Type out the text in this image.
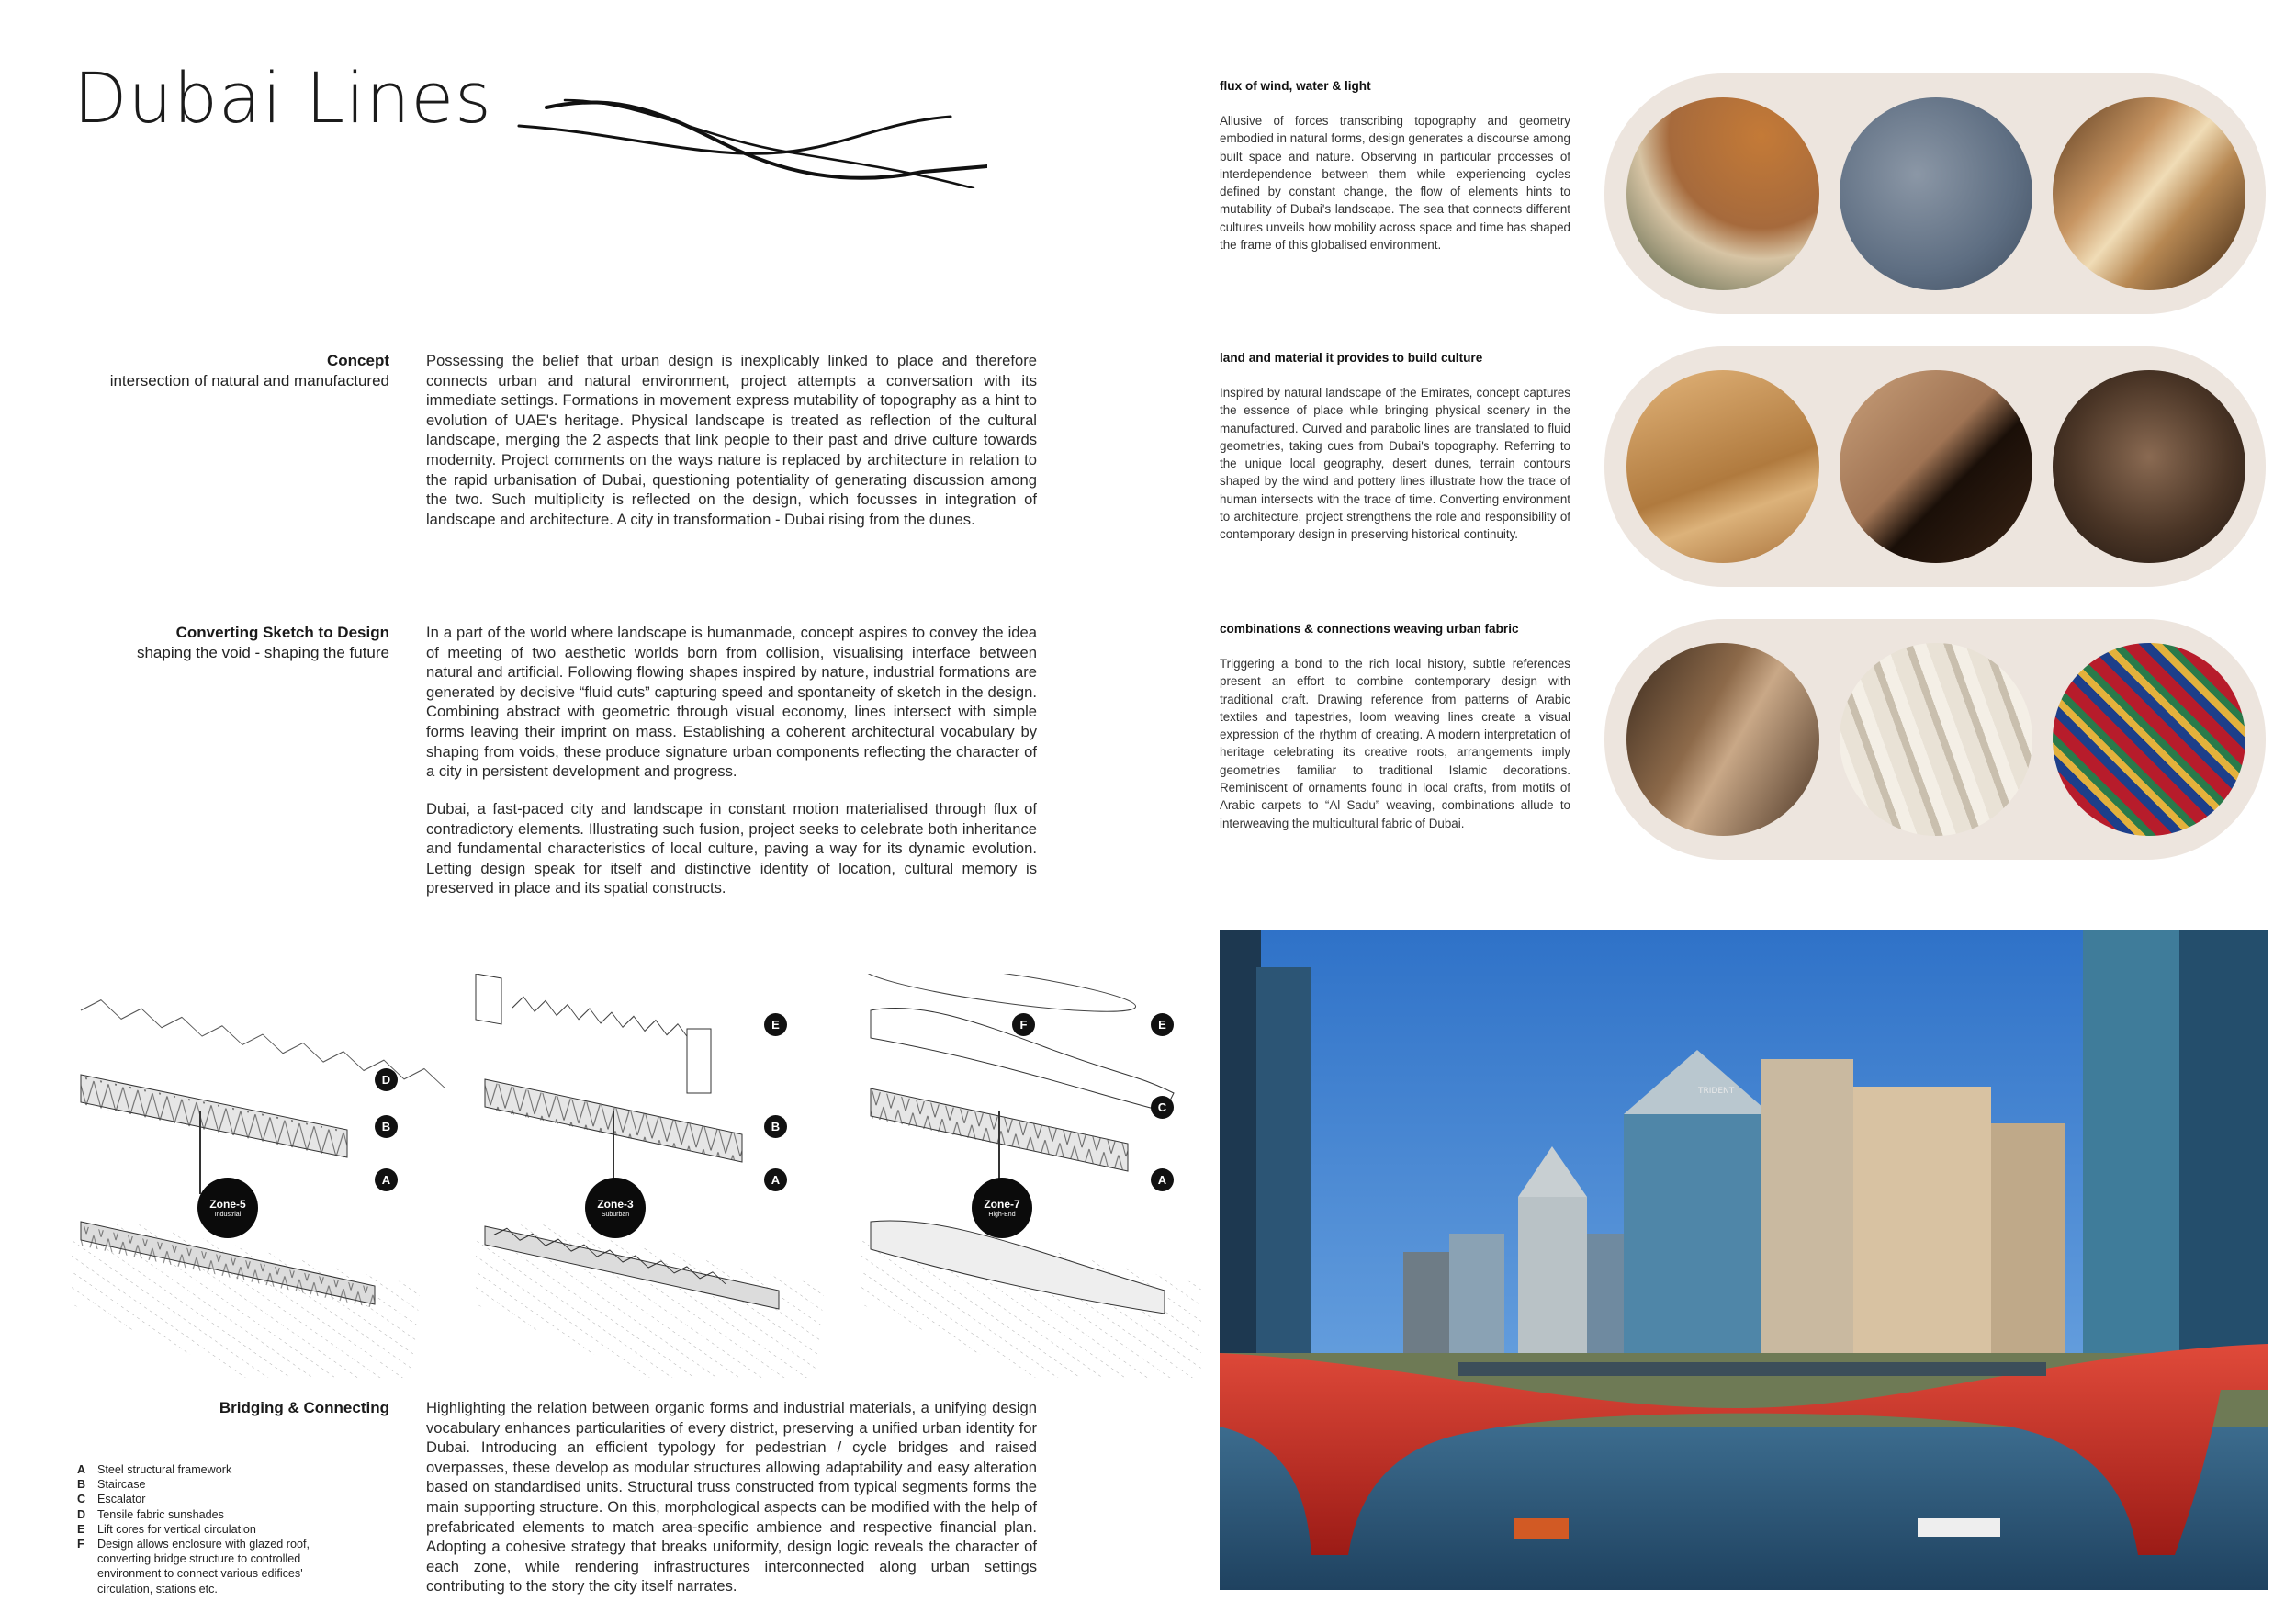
Dubai Lines
Concept
intersection of natural and manufactured
Possessing the belief that urban design is inexplicably linked to place and therefore connects urban and natural environment, project attempts a conversation with its immediate settings. Formations in movement express mutability of topography as a hint to evolution of UAE's heritage. Physical landscape is treated as reflection of the cultural landscape, merging the 2 aspects that link people to their past and drive culture towards modernity. Project comments on the ways nature is replaced by architecture in relation to the rapid urbanisation of Dubai, questioning potentiality of generating discussion among the two. Such multiplicity is reflected on the design, which focusses in integration of landscape and architecture. A city in transformation - Dubai rising from the dunes.
Converting Sketch to Design
shaping the void - shaping the future
In a part of the world where landscape is humanmade, concept aspires to convey the idea of meeting of two aesthetic worlds born from collision, visualising interface between natural and artificial. Following flowing shapes inspired by nature, industrial formations are generated by decisive “fluid cuts” capturing speed and spontaneity of sketch in the design. Combining abstract with geometric through visual economy, lines intersect with simple forms leaving their imprint on mass. Establishing a coherent architectural vocabulary by shaping from voids, these produce signature urban components reflecting the character of a city in persistent development and progress.
Dubai, a fast-paced city and landscape in constant motion materialised through flux of contradictory elements. Illustrating such fusion, project seeks to celebrate both inheritance and fundamental characteristics of local culture, paving a way for its dynamic evolution. Letting design speak for itself and distinctive identity of location, cultural memory is preserved in place and its spatial constructs.
D
B
A
E
B
A
F	E
C
A
Zone-5
Industrial
Zone-3
Suburban
Zone-7
High-End
Bridging & Connecting Highlighting the relation between organic forms and industrial materials, a unifying design vocabulary enhances particularities of every district, preserving a unified urban identity for Dubai. Introducing an efficient typology for pedestrian / cycle bridges and raised overpasses, these develop as modular structures allowing adaptability and easy alteration based on standardised units. Structural truss constructed from typical segments forms the main supporting structure. On this, morphological aspects can be modified with the help of prefabricated elements to match area-specific ambience and respective financial plan. Adopting a cohesive strategy that breaks uniformity, design logic reveals the character of each zone, while rendering infrastructures interconnected along urban settings contributing to the story the city itself narrates.
A	Steel structural framework
B	Staircase
C	Escalator
D	Tensile fabric sunshades
E	Lift cores for vertical circulation
F	Design allows enclosure with glazed roof, converting bridge structure to controlled environment to connect various edifices' circulation, stations etc.
flux of wind, water & light
Allusive of forces transcribing topography and geometry embodied in natural forms, design generates a discourse among built space and nature. Observing in particular processes of interdependence between them while experiencing cycles defined by constant change, the flow of elements hints to mutability of Dubai's landscape. The sea that connects different cultures unveils how mobility across space and time has shaped the frame of this globalised environment.
land and material it provides to build culture
Inspired by natural landscape of the Emirates, concept captures the essence of place while bringing physical scenery in the manufactured. Curved and parabolic lines are translated to fluid geometries, taking cues from Dubai's topography. Referring to the unique local geography, desert dunes, terrain contours shaped by the wind and pottery lines illustrate how the trace of human intersects with the trace of time. Converting environment to architecture, project strengthens the role and responsibility of contemporary design in preserving historical continuity.
combinations & connections weaving urban fabric
Triggering a bond to the rich local history, subtle references present an effort to combine contemporary design with traditional craft. Drawing reference from patterns of Arabic textiles and tapestries, loom weaving lines create a visual expression of the rhythm of creating. A modern interpretation of heritage celebrating its creative roots, arrangements imply geometries familiar to traditional Islamic decorations. Reminiscent of ornaments found in local crafts, from motifs of Arabic carpets to “Al Sadu” weaving, combinations allude to interweaving the multicultural fabric of Dubai.
TRIDENT
